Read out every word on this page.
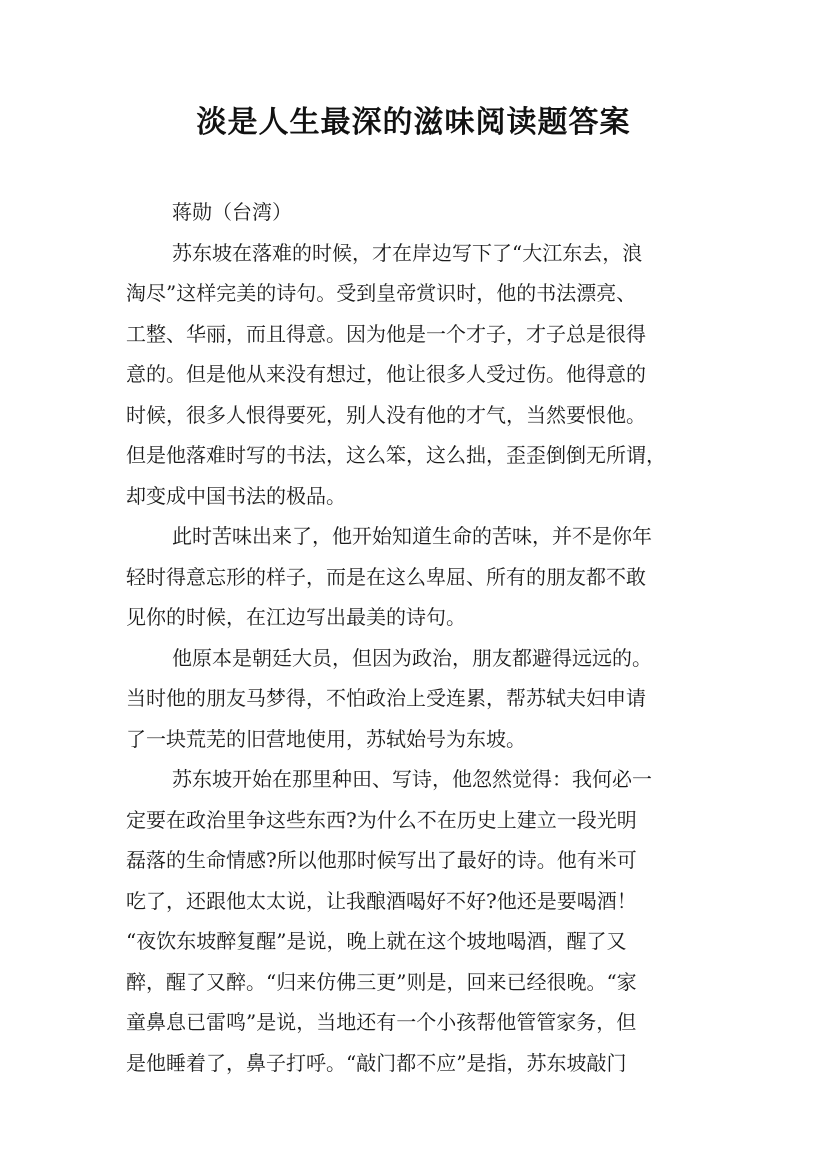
淡是人生最深的滋味阅读题答案
蒋勋（台湾）
苏东坡在落难的时候，才在岸边写下了“大江东去，浪
淘尽”这样完美的诗句。受到皇帝赏识时，他的书法漂亮、
工整、华丽，而且得意。因为他是一个才子，才子总是很得
意的。但是他从来没有想过，他让很多人受过伤。他得意的
时候，很多人恨得要死，别人没有他的才气，当然要恨他。
但是他落难时写的书法，这么笨，这么拙，歪歪倒倒无所谓，
却变成中国书法的极品。
此时苦味出来了，他开始知道生命的苦味，并不是你年
轻时得意忘形的样子，而是在这么卑屈、所有的朋友都不敢
见你的时候，在江边写出最美的诗句。
他原本是朝廷大员，但因为政治，朋友都避得远远的。
当时他的朋友马梦得，不怕政治上受连累，帮苏轼夫妇申请
了一块荒芜的旧营地使用，苏轼始号为东坡。
苏东坡开始在那里种田、写诗，他忽然觉得：我何必一
定要在政治里争这些东西?为什么不在历史上建立一段光明
磊落的生命情感?所以他那时候写出了最好的诗。他有米可
吃了，还跟他太太说，让我酿酒喝好不好?他还是要喝酒！
“夜饮东坡醉复醒”是说，晚上就在这个坡地喝酒，醒了又
醉，醒了又醉。“归来仿佛三更”则是，回来已经很晚。“家
童鼻息已雷鸣”是说，当地还有一个小孩帮他管管家务，但
是他睡着了，鼻子打呼。“敲门都不应”是指，苏东坡敲门
